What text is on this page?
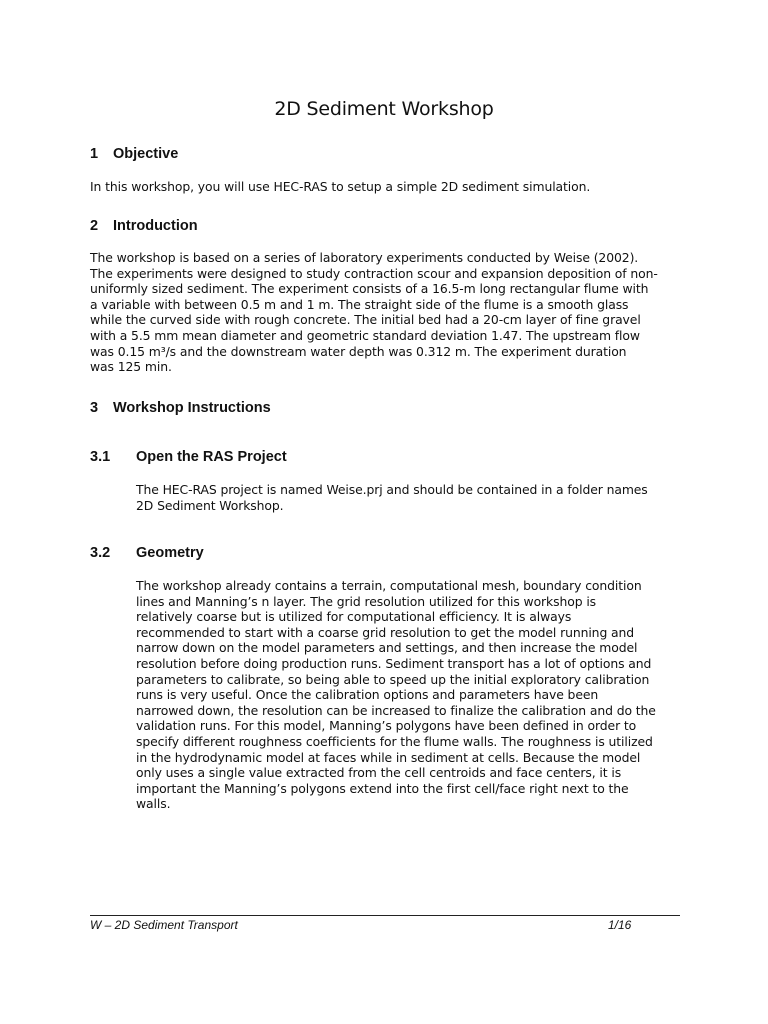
2D Sediment Workshop
1 Objective

In this workshop, you will use HEC-RAS to setup a simple 2D sediment simulation.

2 Introduction

The workshop is based on a series of laboratory experiments conducted by Weise (2002).
The experiments were designed to study contraction scour and expansion deposition of non-
uniformly sized sediment. The experiment consists of a 16.5-m long rectangular flume with
a variable with between 0.5 m and 1 m. The straight side of the flume is a smooth glass
while the curved side with rough concrete. The initial bed had a 20-cm layer of fine gravel
with a 5.5 mm mean diameter and geometric standard deviation 1.47. The upstream flow
was 0.15 m³/s and the downstream water depth was 0.312 m. The experiment duration
was 125 min.

3 Workshop Instructions
3.1 Open the RAS Project

The HEC-RAS project is named Weise.prj and should be contained in a folder names
2D Sediment Workshop.

3.2 Geometry

The workshop already contains a terrain, computational mesh, boundary condition
lines and Manning’s n layer. The grid resolution utilized for this workshop is
relatively coarse but is utilized for computational efficiency. It is always
recommended to start with a coarse grid resolution to get the model running and
narrow down on the model parameters and settings, and then increase the model
resolution before doing production runs. Sediment transport has a lot of options and
parameters to calibrate, so being able to speed up the initial exploratory calibration
runs is very useful. Once the calibration options and parameters have been
narrowed down, the resolution can be increased to finalize the calibration and do the
validation runs. For this model, Manning’s polygons have been defined in order to
specify different roughness coefficients for the flume walls. The roughness is utilized
in the hydrodynamic model at faces while in sediment at cells. Because the model
only uses a single value extracted from the cell centroids and face centers, it is
important the Manning’s polygons extend into the first cell/face right next to the
walls.

W – 2D Sediment Transport	1/16
